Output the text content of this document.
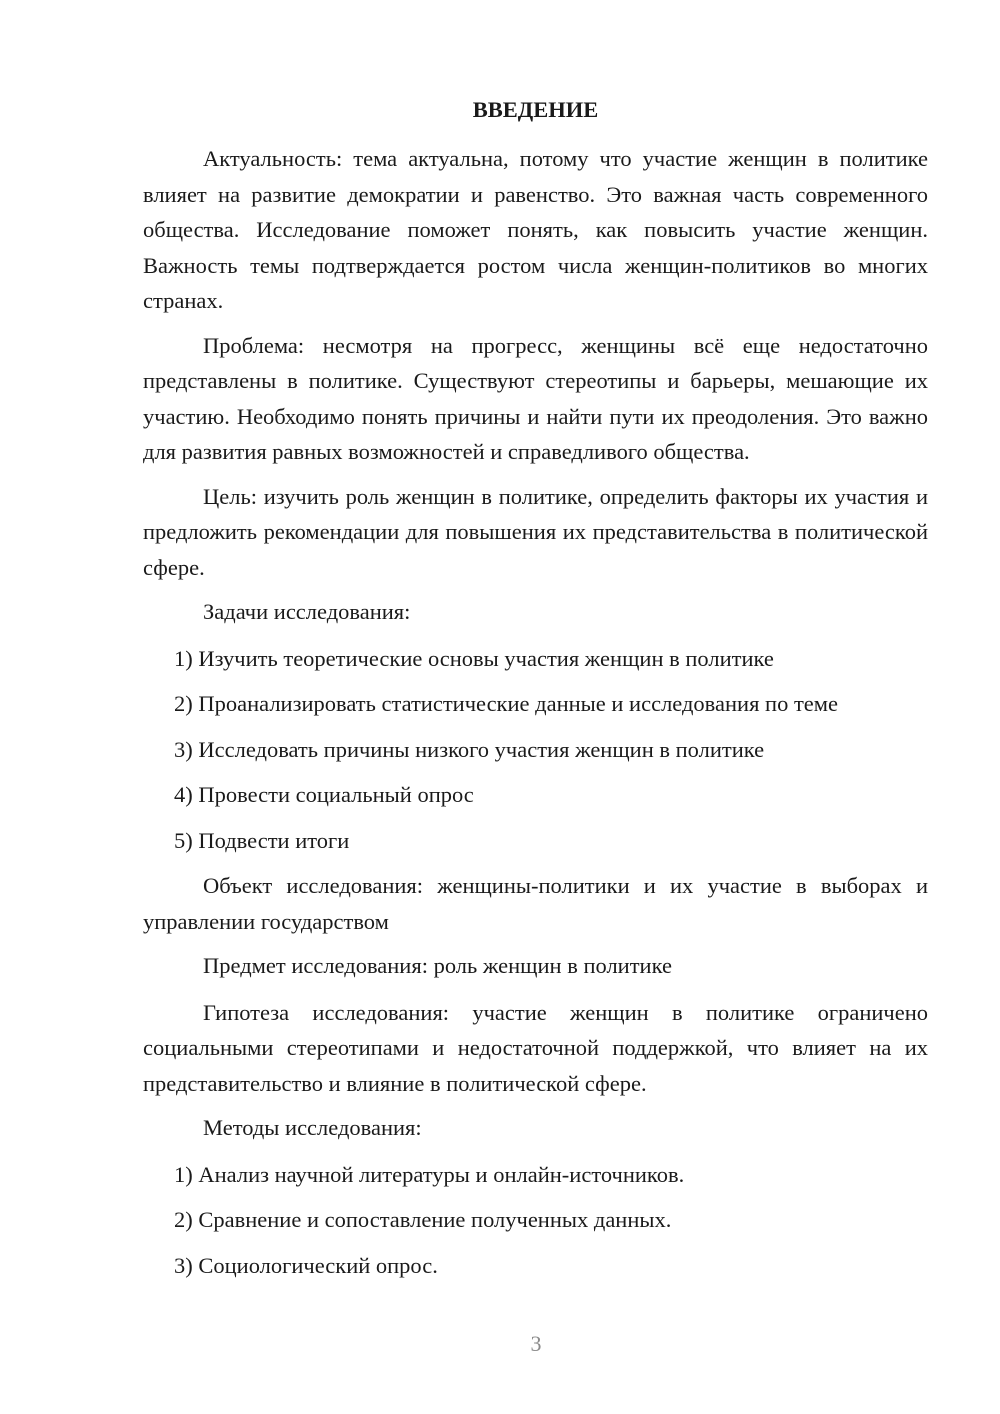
ВВЕДЕНИЕ

Актуальность: тема актуальна, потому что участие женщин в политике влияет на развитие демократии и равенство. Это важная часть современного общества. Исследование поможет понять, как повысить участие женщин. Важность темы подтверждается ростом числа женщин-политиков во многих странах.

Проблема: несмотря на прогресс, женщины всё еще недостаточно представлены в политике. Существуют стереотипы и барьеры, мешающие их участию. Необходимо понять причины и найти пути их преодоления. Это важно для развития равных возможностей и справедливого общества.

Цель: изучить роль женщин в политике, определить факторы их участия и предложить рекомендации для повышения их представительства в политической сфере.

Задачи исследования:

1) Изучить теоретические основы участия женщин в политике
2) Проанализировать статистические данные и исследования по теме
3) Исследовать причины низкого участия женщин в политике
4) Провести социальный опрос
5) Подвести итоги

Объект исследования: женщины-политики и их участие в выборах и управлении государством

Предмет исследования: роль женщин в политике

Гипотеза исследования: участие женщин в политике ограничено социальными стереотипами и недостаточной поддержкой, что влияет на их представительство и влияние в политической сфере.

Методы исследования:

1) Анализ научной литературы и онлайн-источников.
2) Сравнение и сопоставление полученных данных.
3) Социологический опрос.
3
